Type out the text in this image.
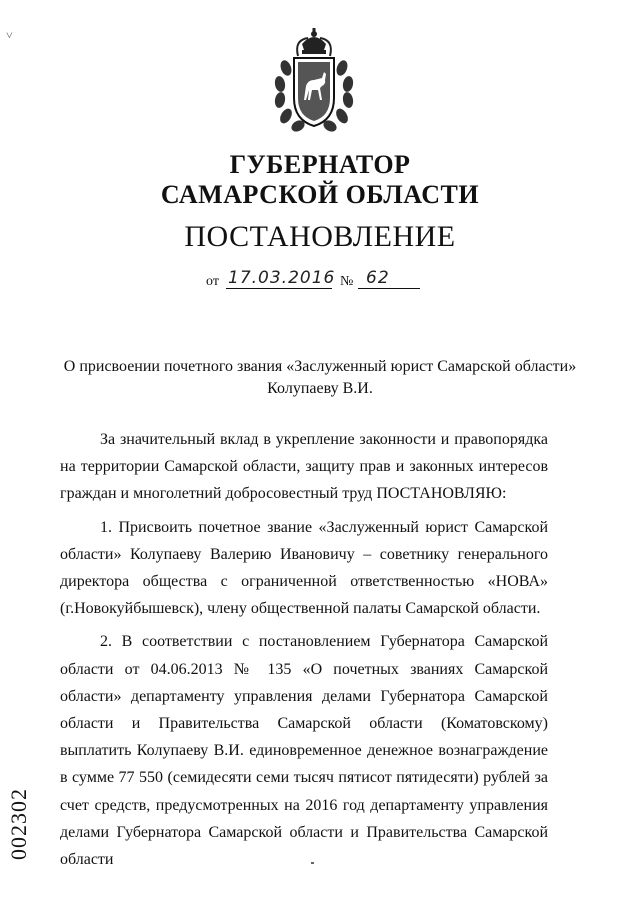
˅
ГУБЕРНАТОР
САМАРСКОЙ ОБЛАСТИ
ПОСТАНОВЛЕНИЕ
от 17.03.2016 № 62
О присвоении почетного звания «Заслуженный юрист Самарской области»
Колупаеву В.И.

За значительный вклад в укрепление законности и правопорядка на территории Самарской области, защиту прав и законных интересов граждан и многолетний добросовестный труд ПОСТАНОВЛЯЮ:

1. Присвоить почетное звание «Заслуженный юрист Самарской области» Колупаеву Валерию Ивановичу – советнику генерального директора общества с ограниченной ответственностью «НОВА» (г.Новокуйбышевск), члену общественной палаты Самарской области.

2. В соответствии с постановлением Губернатора Самарской области от 04.06.2013 № 135 «О почетных званиях Самарской области» департаменту управления делами Губернатора Самарской области и Правительства Самарской области (Коматовскому) выплатить Колупаеву В.И. единовременное денежное вознаграждение в сумме 77 550 (семидесяти семи тысяч пятисот пятидесяти) рублей за счет средств, предусмотренных на 2016 год департаменту управления делами Губернатора Самарской области и Правительства Самарской области

002302
